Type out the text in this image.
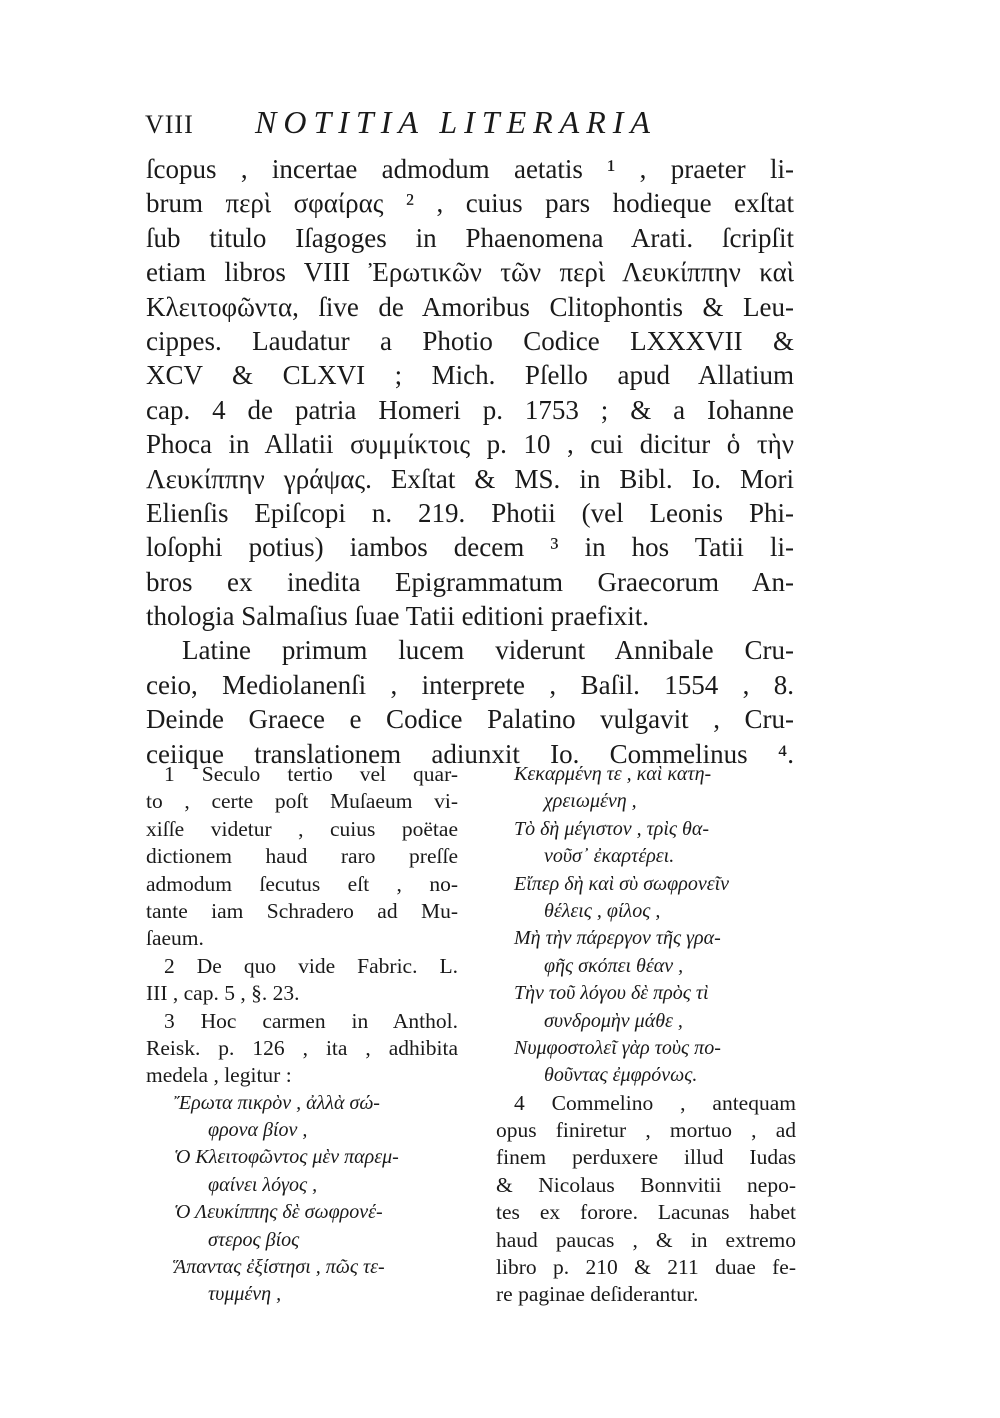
VIII NOTITIA LITERARIA
ſcopus , incertae admodum aetatis ¹ , praeter li-
brum περὶ σφαίρας ² , cuius pars hodieque exſtat
ſub titulo Iſagoges in Phaenomena Arati. ſcripſit
etiam libros VIII Ἐρωτικῶν τῶν περὶ Λευκίππην καὶ
Κλειτοφῶντα, ſive de Amoribus Clitophontis & Leu-
cippes. Laudatur a Photio Codice LXXXVII &
XCV & CLXVI ; Mich. Pſello apud Allatium
cap. 4 de patria Homeri p. 1753 ; & a Iohanne
Phoca in Allatii συμμίκτοις p. 10 , cui dicitur ὁ τὴν
Λευκίππην γράψας. Exſtat & MS. in Bibl. Io. Mori
Elienſis Epiſcopi n. 219. Photii (vel Leonis Phi-
loſophi potius) iambos decem ³ in hos Tatii li-
bros ex inedita Epigrammatum Graecorum An-
thologia Salmaſius ſuae Tatii editioni praefixit.
Latine primum lucem viderunt Annibale Cru-
ceio, Mediolanenſi , interprete , Baſil. 1554 , 8.
Deinde Graece e Codice Palatino vulgavit , Cru-
ceiique translationem adiunxit Io. Commelinus ⁴.
1 Seculo tertio vel quar-
to , certe poſt Muſaeum vi-
xiſſe videtur , cuius poëtae
dictionem haud raro preſſe
admodum ſecutus eſt , no-
tante iam Schradero ad Mu-
ſaeum.
2 De quo vide Fabric. L.
III , cap. 5 , §. 23.
3 Hoc carmen in Anthol.
Reisk. p. 126 , ita , adhibita
medela , legitur :
Ἔρωτα πικρὸν , ἀλλὰ σώ-
φρονα βίον ,
Ὁ Κλειτοφῶντος μὲν παρεμ-
φαίνει λόγος ,
Ὁ Λευκίππης δὲ σωφρονέ-
στερος βίος
Ἅπαντας ἐξίστησι , πῶς τε-
τυμμένη ,
Κεκαρμένη τε , καὶ κατη-
χρειωμένη ,
Τὸ δὴ μέγιστον , τρὶς θα-
νοῦσ᾽ ἐκαρτέρει.
Εἴπερ δὴ καὶ σὺ σωφρονεῖν
θέλεις , φίλος ,
Μὴ τὴν πάρεργον τῆς γρα-
φῆς σκόπει θέαν ,
Τὴν τοῦ λόγου δὲ πρὸς τὶ
συνδρομὴν μάθε ,
Νυμφοστολεῖ γὰρ τοὺς πο-
θοῦντας ἐμφρόνως.
4 Commelino , antequam
opus finiretur , mortuo , ad
finem perduxere illud Iudas
& Nicolaus Bonnvitii nepo-
tes ex forore. Lacunas habet
haud paucas , & in extremo
libro p. 210 & 211 duae fe-
re paginae deſiderantur.
